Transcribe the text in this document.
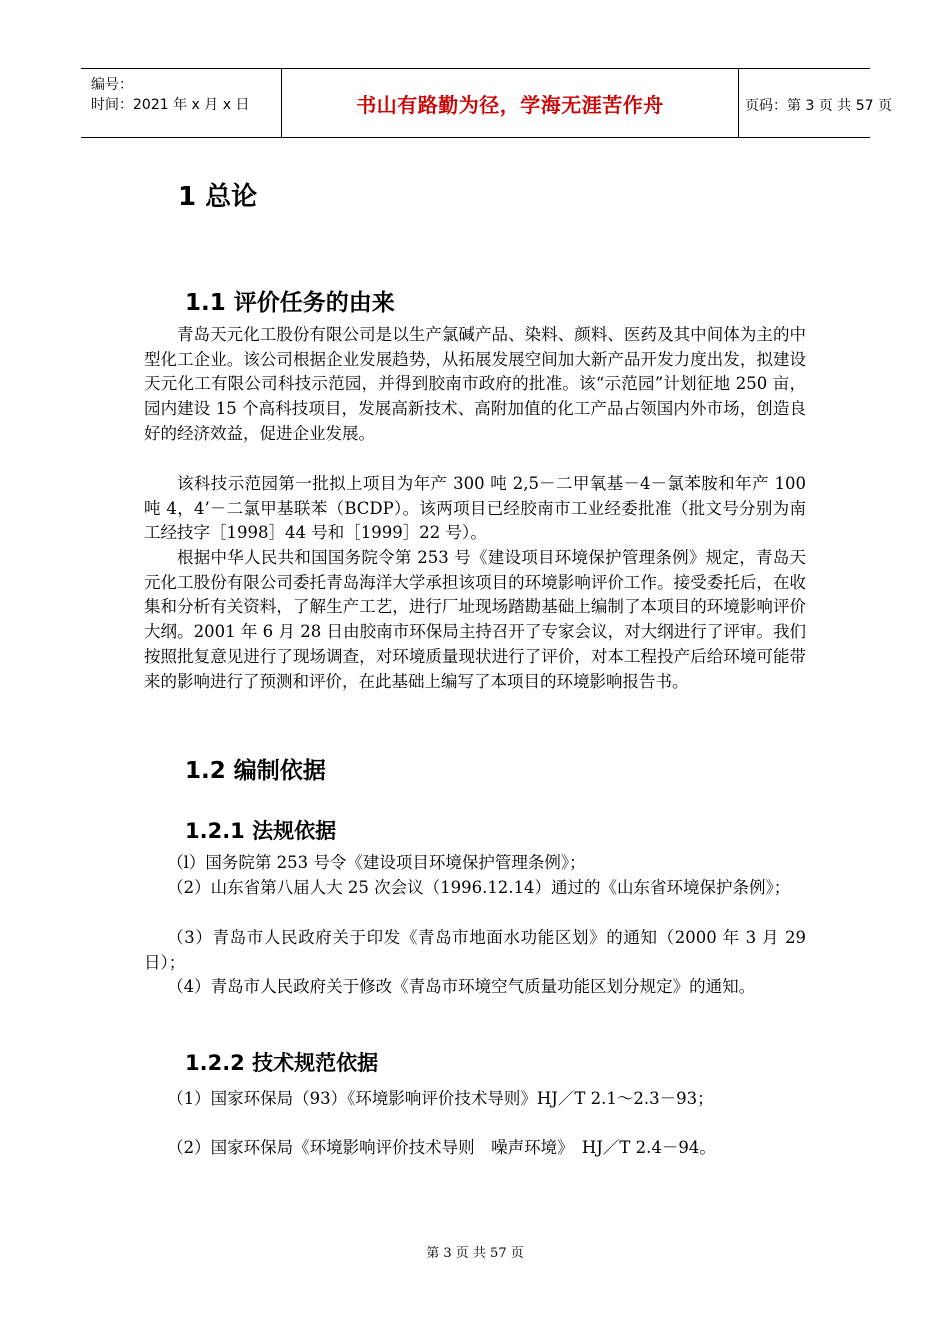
编号：
时间：2021 年 x 月 x 日	书山有路勤为径，学海无涯苦作舟	页码：第 3 页 共 57 页
1 总论
1.1 评价任务的由来

青岛天元化工股份有限公司是以生产氯碱产品、染料、颜料、医药及其中间体为主的中型化工企业。该公司根据企业发展趋势，从拓展发展空间加大新产品开发力度出发，拟建设天元化工有限公司科技示范园，并得到胶南市政府的批准。该“示范园”计划征地 250 亩，园内建设 15 个高科技项目，发展高新技术、高附加值的化工产品占领国内外市场，创造良好的经济效益，促进企业发展。

该科技示范园第一批拟上项目为年产 300 吨 2,5－二甲氧基－4－氯苯胺和年产 100 吨 4，4’－二氯甲基联苯（BCDP）。该两项目已经胶南市工业经委批准（批文号分别为南工经技字［1998］44 号和［1999］22 号）。

根据中华人民共和国国务院令第 253 号《建设项目环境保护管理条例》规定，青岛天元化工股份有限公司委托青岛海洋大学承担该项目的环境影响评价工作。接受委托后，在收集和分析有关资料，了解生产工艺，进行厂址现场踏勘基础上编制了本项目的环境影响评价大纲。2001 年 6 月 28 日由胶南市环保局主持召开了专家会议，对大纲进行了评审。我们按照批复意见进行了现场调查，对环境质量现状进行了评价，对本工程投产后给环境可能带来的影响进行了预测和评价，在此基础上编写了本项目的环境影响报告书。

1.2 编制依据
1.2.1 法规依据

（l）国务院第 253 号令《建设项目环境保护管理条例》；

（2）山东省第八届人大 25 次会议（1996.12.14）通过的《山东省环境保护条例》；

（3）青岛市人民政府关于印发《青岛市地面水功能区划》的通知（2000 年 3 月 29 日）；

（4）青岛市人民政府关于修改《青岛市环境空气质量功能区划分规定》的通知。

1.2.2 技术规范依据

（1）国家环保局（93）《环境影响评价技术导则》HJ／T 2.1～2.3－93；

（2）国家环保局《环境影响评价技术导则　噪声环境》　HJ／T 2.4－94。

第 3 页 共 57 页
